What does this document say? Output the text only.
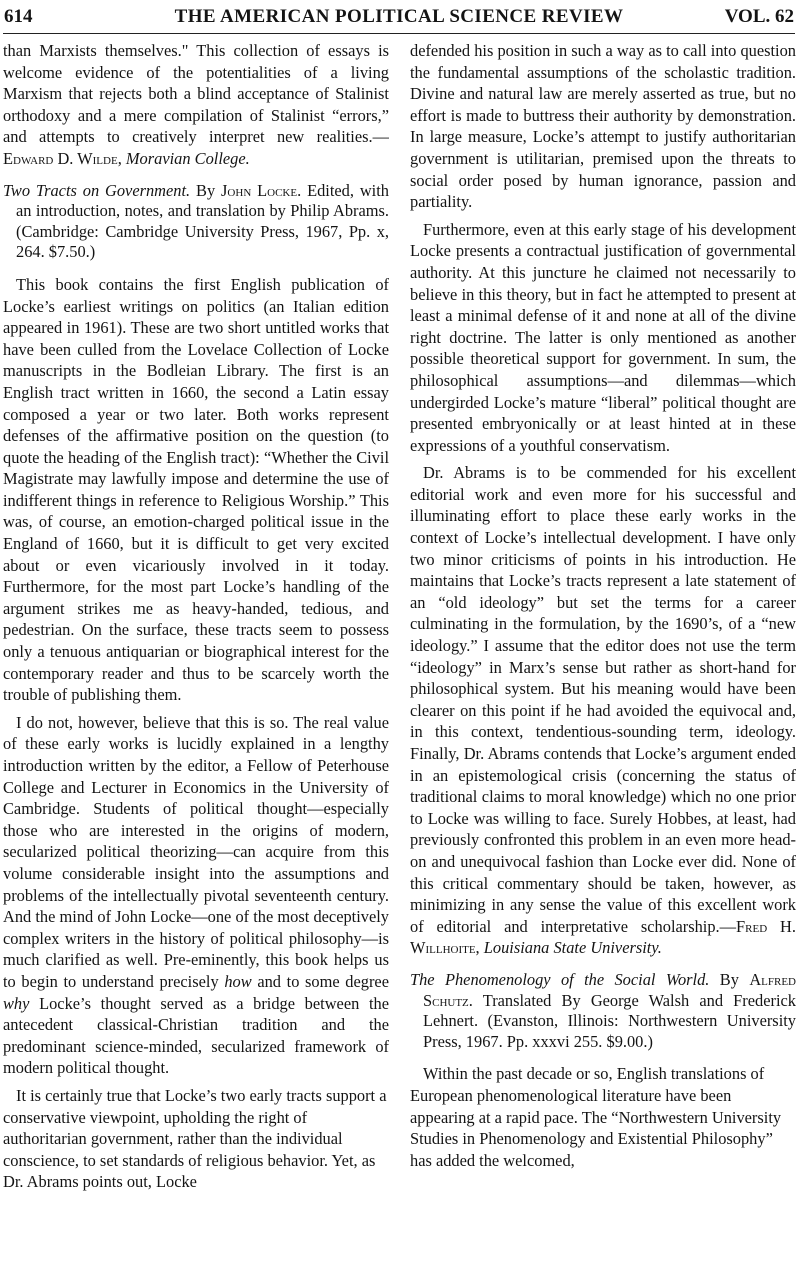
614	THE AMERICAN POLITICAL SCIENCE REVIEW	VOL. 62

than Marxists themselves." This collection of essays is welcome evidence of the potentialities of a living Marxism that rejects both a blind acceptance of Stalinist orthodoxy and a mere compilation of Stalinist “errors,” and attempts to creatively interpret new realities.—Edward D. Wilde, Moravian College.

Two Tracts on Government. By John Locke. Edited, with an introduction, notes, and translation by Philip Abrams. (Cambridge: Cambridge University Press, 1967, Pp. x, 264. $7.50.)

This book contains the first English publication of Locke’s earliest writings on politics (an Italian edition appeared in 1961). These are two short untitled works that have been culled from the Lovelace Collection of Locke manuscripts in the Bodleian Library. The first is an English tract written in 1660, the second a Latin essay composed a year or two later. Both works represent defenses of the affirmative position on the question (to quote the heading of the English tract): “Whether the Civil Magistrate may lawfully impose and determine the use of indifferent things in reference to Religious Worship.” This was, of course, an emotion-charged political issue in the England of 1660, but it is difficult to get very excited about or even vicariously involved in it today. Furthermore, for the most part Locke’s handling of the argument strikes me as heavy-handed, tedious, and pedestrian. On the surface, these tracts seem to possess only a tenuous antiquarian or biographical interest for the contemporary reader and thus to be scarcely worth the trouble of publishing them.

I do not, however, believe that this is so. The real value of these early works is lucidly explained in a lengthy introduction written by the editor, a Fellow of Peterhouse College and Lecturer in Economics in the University of Cambridge. Students of political thought—especially those who are interested in the origins of modern, secularized political theorizing—can acquire from this volume considerable insight into the assumptions and problems of the intellectually pivotal seventeenth century. And the mind of John Locke—one of the most deceptively complex writers in the history of political philosophy—is much clarified as well. Pre-eminently, this book helps us to begin to understand precisely how and to some degree why Locke’s thought served as a bridge between the antecedent classical-Christian tradition and the predominant science-minded, secularized framework of modern political thought.

It is certainly true that Locke’s two early tracts support a conservative viewpoint, upholding the right of authoritarian government, rather than the individual conscience, to set standards of religious behavior. Yet, as Dr. Abrams points out, Locke

defended his position in such a way as to call into question the fundamental assumptions of the scholastic tradition. Divine and natural law are merely asserted as true, but no effort is made to buttress their authority by demonstration. In large measure, Locke’s attempt to justify authoritarian government is utilitarian, premised upon the threats to social order posed by human ignorance, passion and partiality.

Furthermore, even at this early stage of his development Locke presents a contractual justification of governmental authority. At this juncture he claimed not necessarily to believe in this theory, but in fact he attempted to present at least a minimal defense of it and none at all of the divine right doctrine. The latter is only mentioned as another possible theoretical support for government. In sum, the philosophical assumptions—and dilemmas—which undergirded Locke’s mature “liberal” political thought are presented embryonically or at least hinted at in these expressions of a youthful conservatism.

Dr. Abrams is to be commended for his excellent editorial work and even more for his successful and illuminating effort to place these early works in the context of Locke’s intellectual development. I have only two minor criticisms of points in his introduction. He maintains that Locke’s tracts represent a late statement of an “old ideology” but set the terms for a career culminating in the formulation, by the 1690’s, of a “new ideology.” I assume that the editor does not use the term “ideology” in Marx’s sense but rather as short-hand for philosophical system. But his meaning would have been clearer on this point if he had avoided the equivocal and, in this context, tendentious-sounding term, ideology. Finally, Dr. Abrams contends that Locke’s argument ended in an epistemological crisis (concerning the status of traditional claims to moral knowledge) which no one prior to Locke was willing to face. Surely Hobbes, at least, had previously confronted this problem in an even more head-on and unequivocal fashion than Locke ever did. None of this critical commentary should be taken, however, as minimizing in any sense the value of this excellent work of editorial and interpretative scholarship.—Fred H. Willhoite, Louisiana State University.

The Phenomenology of the Social World. By Alfred Schutz. Translated By George Walsh and Frederick Lehnert. (Evanston, Illinois: Northwestern University Press, 1967. Pp. xxxvi 255. $9.00.)

Within the past decade or so, English translations of European phenomenological literature have been appearing at a rapid pace. The “Northwestern University Studies in Phenomenology and Existential Philosophy” has added the welcomed,
